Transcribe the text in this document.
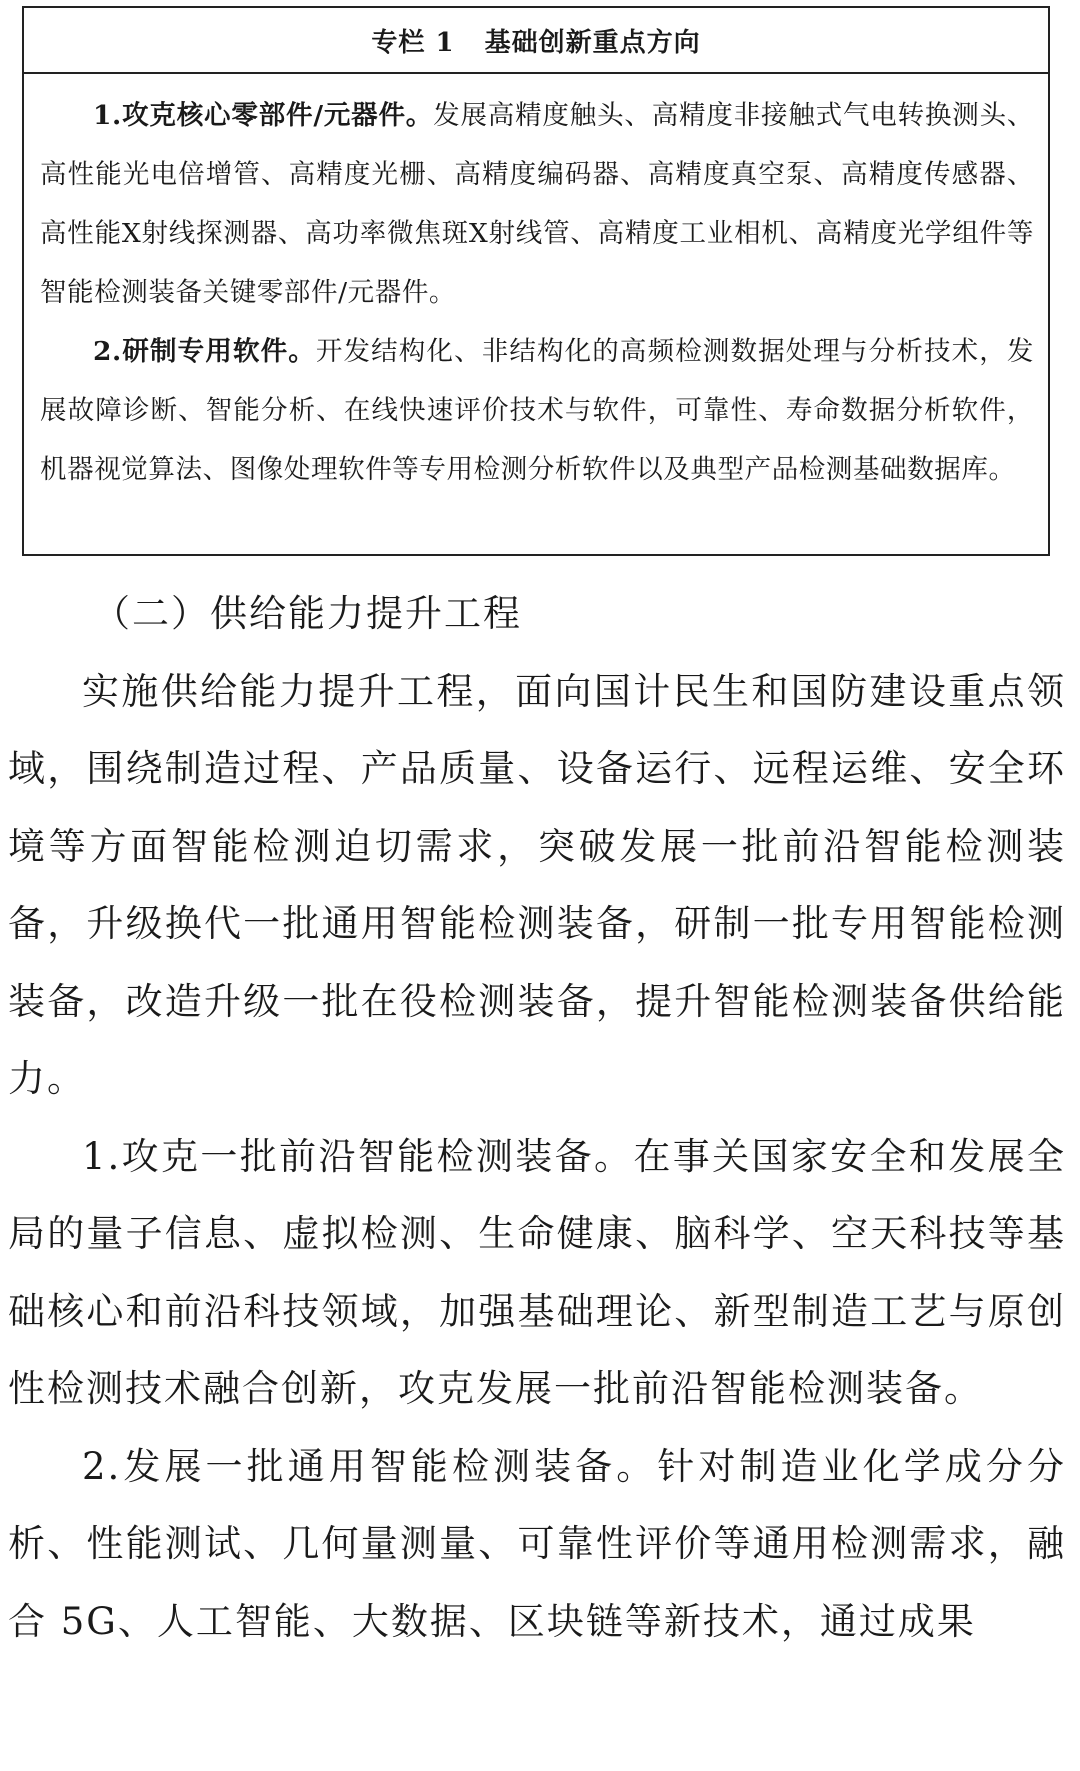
专栏 1 基础创新重点方向

1.攻克核心零部件/元器件。发展高精度触头、高精度非接触式气电转换测头、高性能光电倍增管、高精度光栅、高精度编码器、高精度真空泵、高精度传感器、高性能X射线探测器、高功率微焦斑X射线管、高精度工业相机、高精度光学组件等智能检测装备关键零部件/元器件。

2.研制专用软件。开发结构化、非结构化的高频检测数据处理与分析技术，发展故障诊断、智能分析、在线快速评价技术与软件，可靠性、寿命数据分析软件，机器视觉算法、图像处理软件等专用检测分析软件以及典型产品检测基础数据库。

（二）供给能力提升工程

实施供给能力提升工程，面向国计民生和国防建设重点领域，围绕制造过程、产品质量、设备运行、远程运维、安全环境等方面智能检测迫切需求，突破发展一批前沿智能检测装备，升级换代一批通用智能检测装备，研制一批专用智能检测装备，改造升级一批在役检测装备，提升智能检测装备供给能力。

1.攻克一批前沿智能检测装备。在事关国家安全和发展全局的量子信息、虚拟检测、生命健康、脑科学、空天科技等基础核心和前沿科技领域，加强基础理论、新型制造工艺与原创性检测技术融合创新，攻克发展一批前沿智能检测装备。

2.发展一批通用智能检测装备。针对制造业化学成分分析、性能测试、几何量测量、可靠性评价等通用检测需求，融合 5G、人工智能、大数据、区块链等新技术，通过成果
